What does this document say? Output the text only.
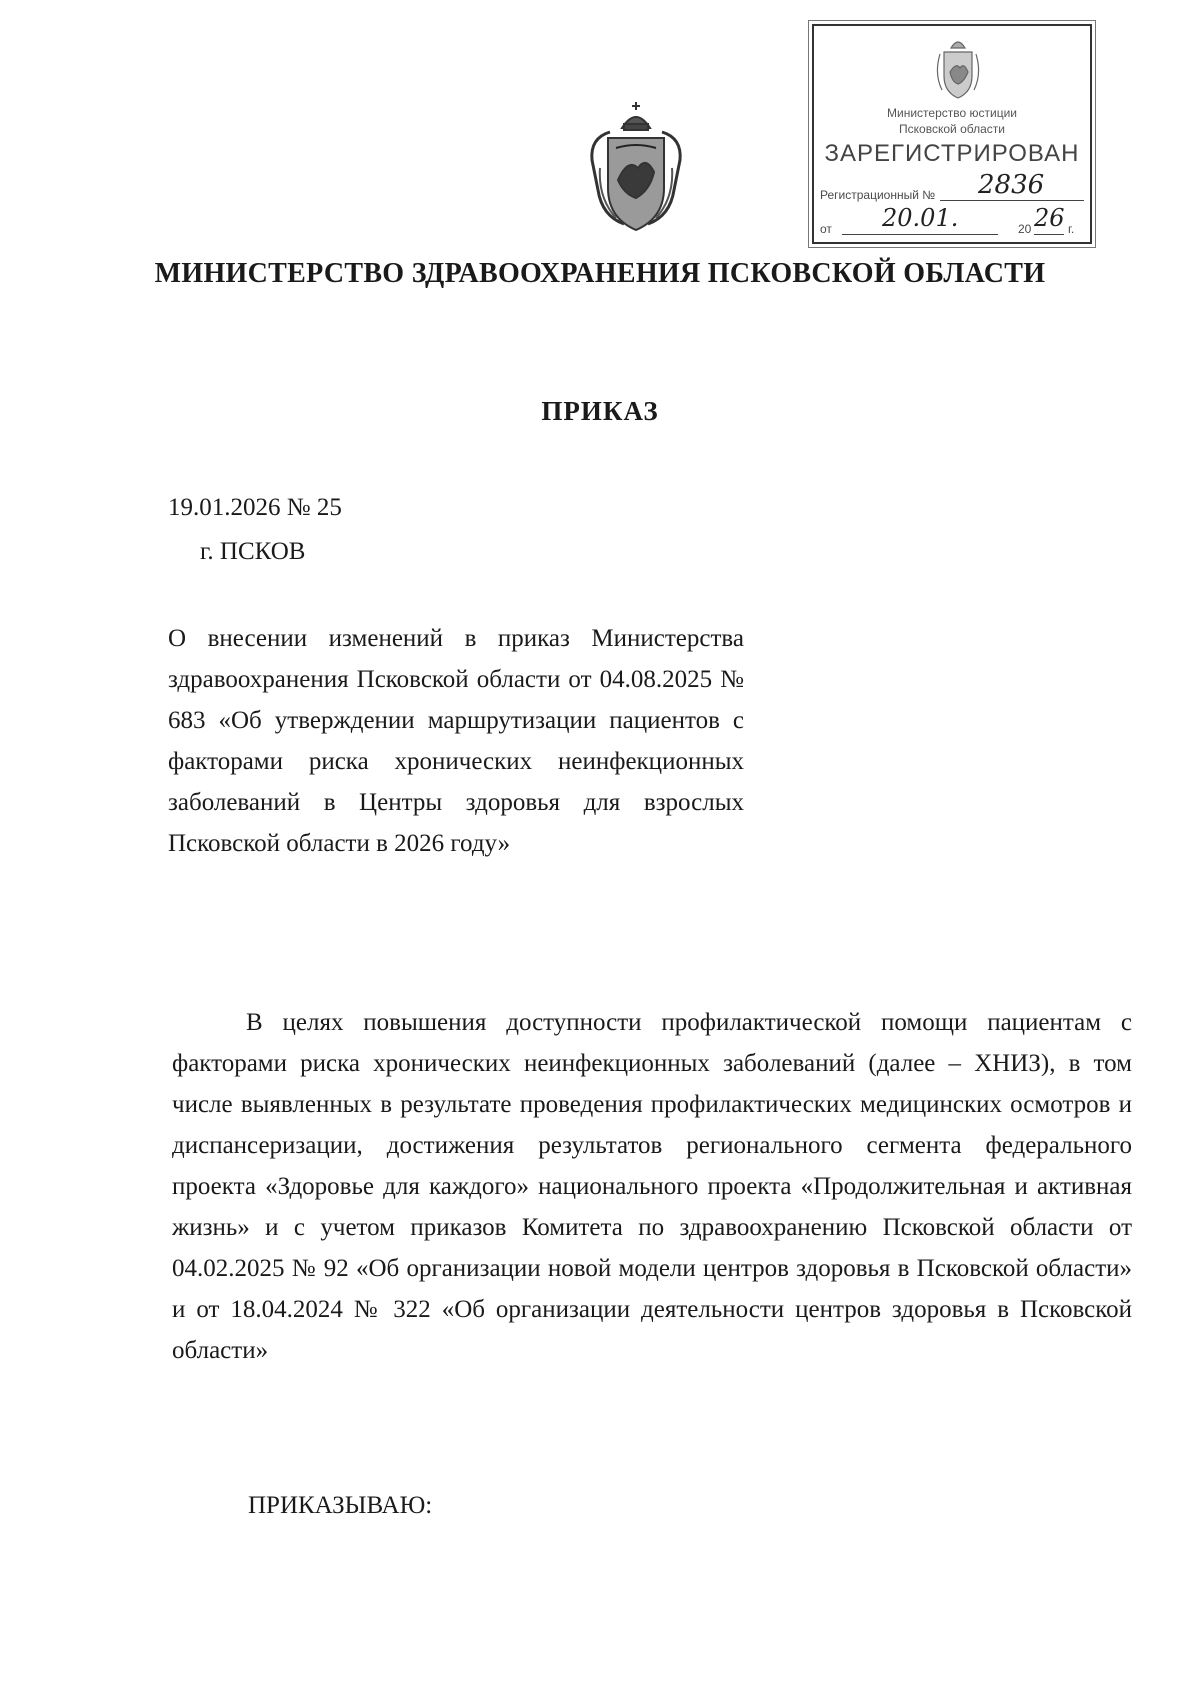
Министерство юстиции
Псковской области
ЗАРЕГИСТРИРОВАН
Регистрационный № 2836
от 20.01.	20 26 г.
МИНИСТЕРСТВО ЗДРАВООХРАНЕНИЯ ПСКОВСКОЙ ОБЛАСТИ
ПРИКАЗ
19.01.2026 № 25
г. ПСКОВ
О внесении изменений в приказ Министерства здравоохранения Псковской области от 04.08.2025 № 683 «Об утверждении маршрутизации пациентов с факторами риска хронических неинфекционных заболеваний в Центры здоровья для взрослых Псковской области в 2026 году»
В целях повышения доступности профилактической помощи пациентам с факторами риска хронических неинфекционных заболеваний (далее – ХНИЗ), в том числе выявленных в результате проведения профилактических медицинских осмотров и диспансеризации, достижения результатов регионального сегмента федерального проекта «Здоровье для каждого» национального проекта «Продолжительная и активная жизнь» и с учетом приказов Комитета по здравоохранению Псковской области от 04.02.2025 № 92 «Об организации новой модели центров здоровья в Псковской области» и от 18.04.2024 № 322 «Об организации деятельности центров здоровья в Псковской области»
ПРИКАЗЫВАЮ:
